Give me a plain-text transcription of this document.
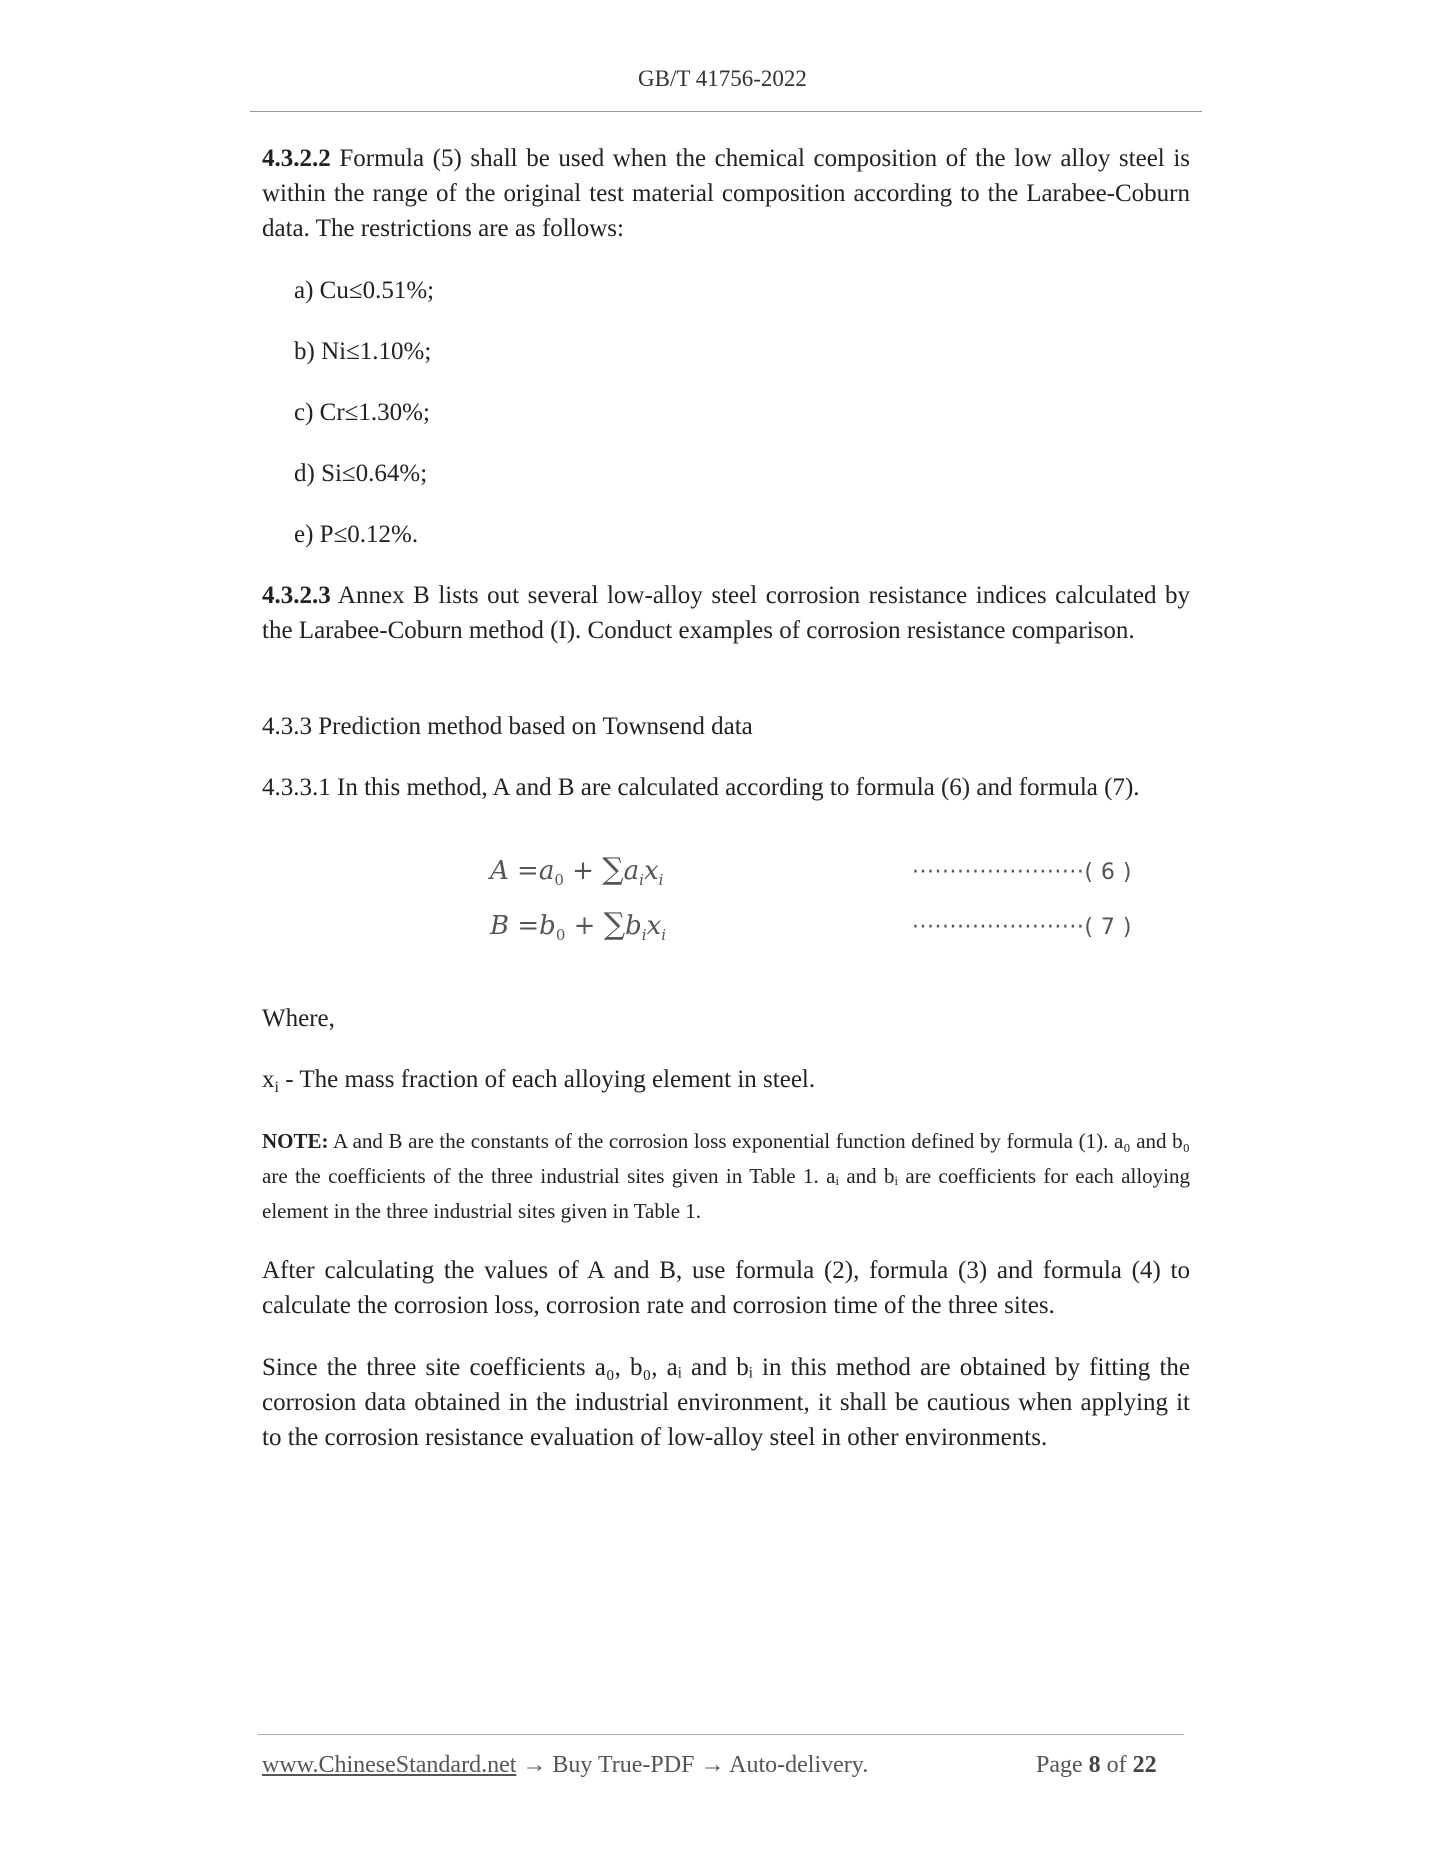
GB/T 41756-2022
4.3.2.2 Formula (5) shall be used when the chemical composition of the low alloy steel is within the range of the original test material composition according to the Larabee-Coburn data. The restrictions are as follows:
a) Cu≤0.51%;
b) Ni≤1.10%;
c) Cr≤1.30%;
d) Si≤0.64%;
e) P≤0.12%.
4.3.2.3 Annex B lists out several low-alloy steel corrosion resistance indices calculated by the Larabee-Coburn method (I). Conduct examples of corrosion resistance comparison.
4.3.3 Prediction method based on Townsend data
4.3.3.1 In this method, A and B are calculated according to formula (6) and formula (7).
$A =a_0 + \sum a_ix_i$	·······················( 6 )
$B =b_0 + \sum b_ix_i$	·······················( 7 )
Where,
$x_i$ - The mass fraction of each alloying element in steel.
NOTE: A and B are the constants of the corrosion loss exponential function defined by formula (1). a₀ and b₀ are the coefficients of the three industrial sites given in Table 1. aᵢ and bᵢ are coefficients for each alloying element in the three industrial sites given in Table 1.
After calculating the values of A and B, use formula (2), formula (3) and formula (4) to calculate the corrosion loss, corrosion rate and corrosion time of the three sites.
Since the three site coefficients a₀, b₀, aᵢ and bᵢ in this method are obtained by fitting the corrosion data obtained in the industrial environment, it shall be cautious when applying it to the corrosion resistance evaluation of low-alloy steel in other environments.
www.ChineseStandard.net → Buy True-PDF → Auto-delivery.	Page 8 of 22
